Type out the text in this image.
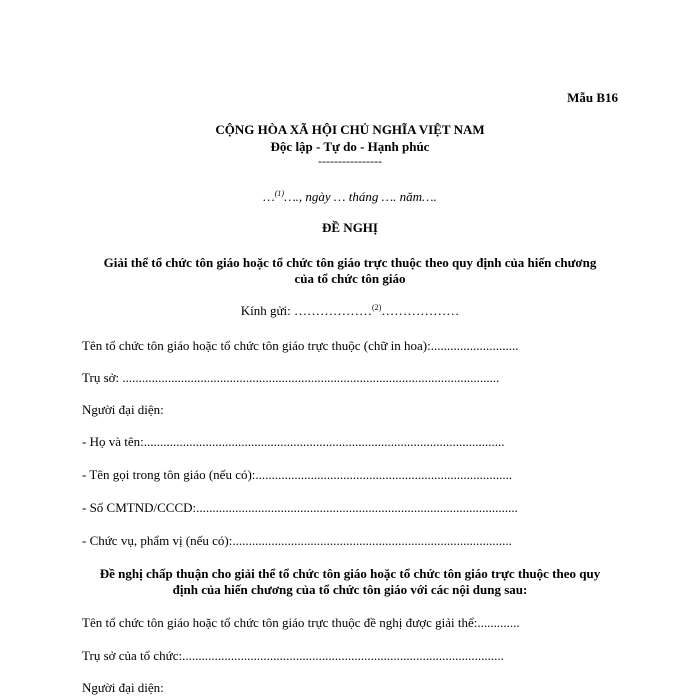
Mẫu B16
CỘNG HÒA XÃ HỘI CHỦ NGHĨA VIỆT NAM
Độc lập - Tự do - Hạnh phúc
----------------
…$^{(1)}$…., ngày … tháng …. năm….
ĐỀ NGHỊ
Giải thể tổ chức tôn giáo hoặc tổ chức tôn giáo trực thuộc theo quy định của hiến chương
của tổ chức tôn giáo
Kính gửi: ………………$^{(2)}$………………
Tên tổ chức tôn giáo hoặc tổ chức tôn giáo trực thuộc (chữ in hoa):...........................
Trụ sở: ....................................................................................................................
Người đại diện:
- Họ và tên:...............................................................................................................
- Tên gọi trong tôn giáo (nếu có):...............................................................................
- Số CMTND/CCCD:...................................................................................................
- Chức vụ, phẩm vị (nếu có):......................................................................................
Đề nghị chấp thuận cho giải thể tổ chức tôn giáo hoặc tổ chức tôn giáo trực thuộc theo quy
định của hiến chương của tổ chức tôn giáo với các nội dung sau:
Tên tổ chức tôn giáo hoặc tổ chức tôn giáo trực thuộc đề nghị được giải thể:.............
Trụ sở của tổ chức:...................................................................................................
Người đại diện:
